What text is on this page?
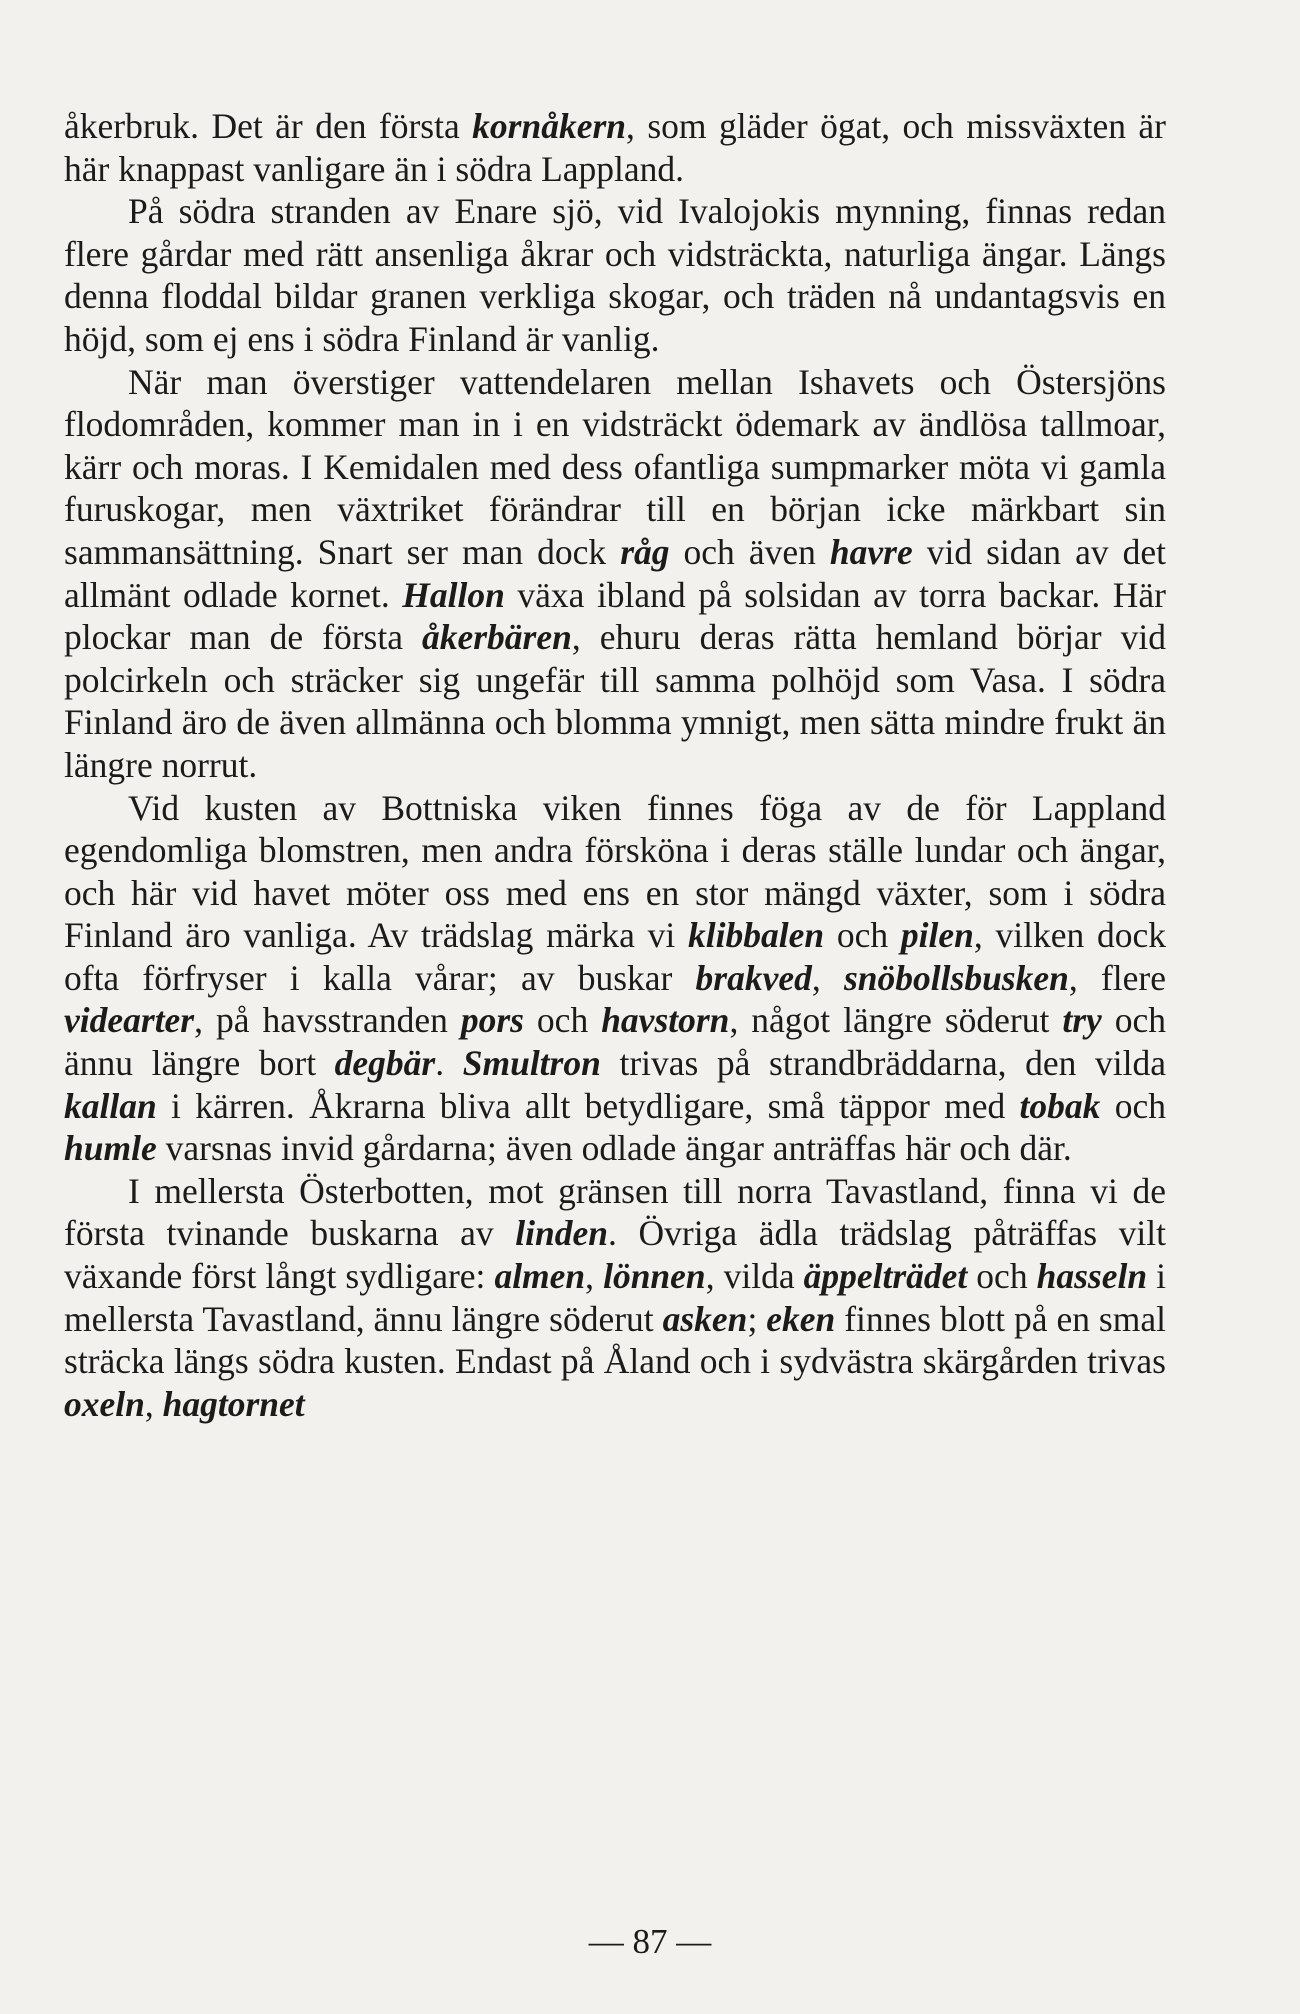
åkerbruk. Det är den första kornåkern, som gläder ögat, och missväxten är här knappast vanligare än i södra Lappland.

På södra stranden av Enare sjö, vid Ivalojokis mynning, finnas redan flere gårdar med rätt ansenliga åkrar och vidsträckta, naturliga ängar. Längs denna floddal bildar granen verkliga skogar, och träden nå undantagsvis en höjd, som ej ens i södra Finland är vanlig.

När man överstiger vattendelaren mellan Ishavets och Östersjöns flodområden, kommer man in i en vidsträckt ödemark av ändlösa tallmoar, kärr och moras. I Kemidalen med dess ofantliga sumpmarker möta vi gamla furuskogar, men växtriket förändrar till en början icke märkbart sin sammansättning. Snart ser man dock råg och även havre vid sidan av det allmänt odlade kornet. Hallon växa ibland på solsidan av torra backar. Här plockar man de första åkerbären, ehuru deras rätta hemland börjar vid polcirkeln och sträcker sig ungefär till samma polhöjd som Vasa. I södra Finland äro de även allmänna och blomma ymnigt, men sätta mindre frukt än längre norrut.

Vid kusten av Bottniska viken finnes föga av de för Lappland egendomliga blomstren, men andra försköna i deras ställe lundar och ängar, och här vid havet möter oss med ens en stor mängd växter, som i södra Finland äro vanliga. Av trädslag märka vi klibbalen och pilen, vilken dock ofta förfryser i kalla vårar; av buskar brakved, snöbollsbusken, flere videarter, på havsstranden pors och havstorn, något längre söderut try och ännu längre bort degbär. Smultron trivas på strandbräddarna, den vilda kallan i kärren. Åkrarna bliva allt betydligare, små täppor med tobak och humle varsnas invid gårdarna; även odlade ängar anträffas här och där.

I mellersta Österbotten, mot gränsen till norra Tavastland, finna vi de första tvinande buskarna av linden. Övriga ädla trädslag påträffas vilt växande först långt sydligare: almen, lönnen, vilda äppelträdet och hasseln i mellersta Tavastland, ännu längre söderut asken; eken finnes blott på en smal sträcka längs södra kusten. Endast på Åland och i sydvästra skärgården trivas oxeln, hagtornet

— 87 —
